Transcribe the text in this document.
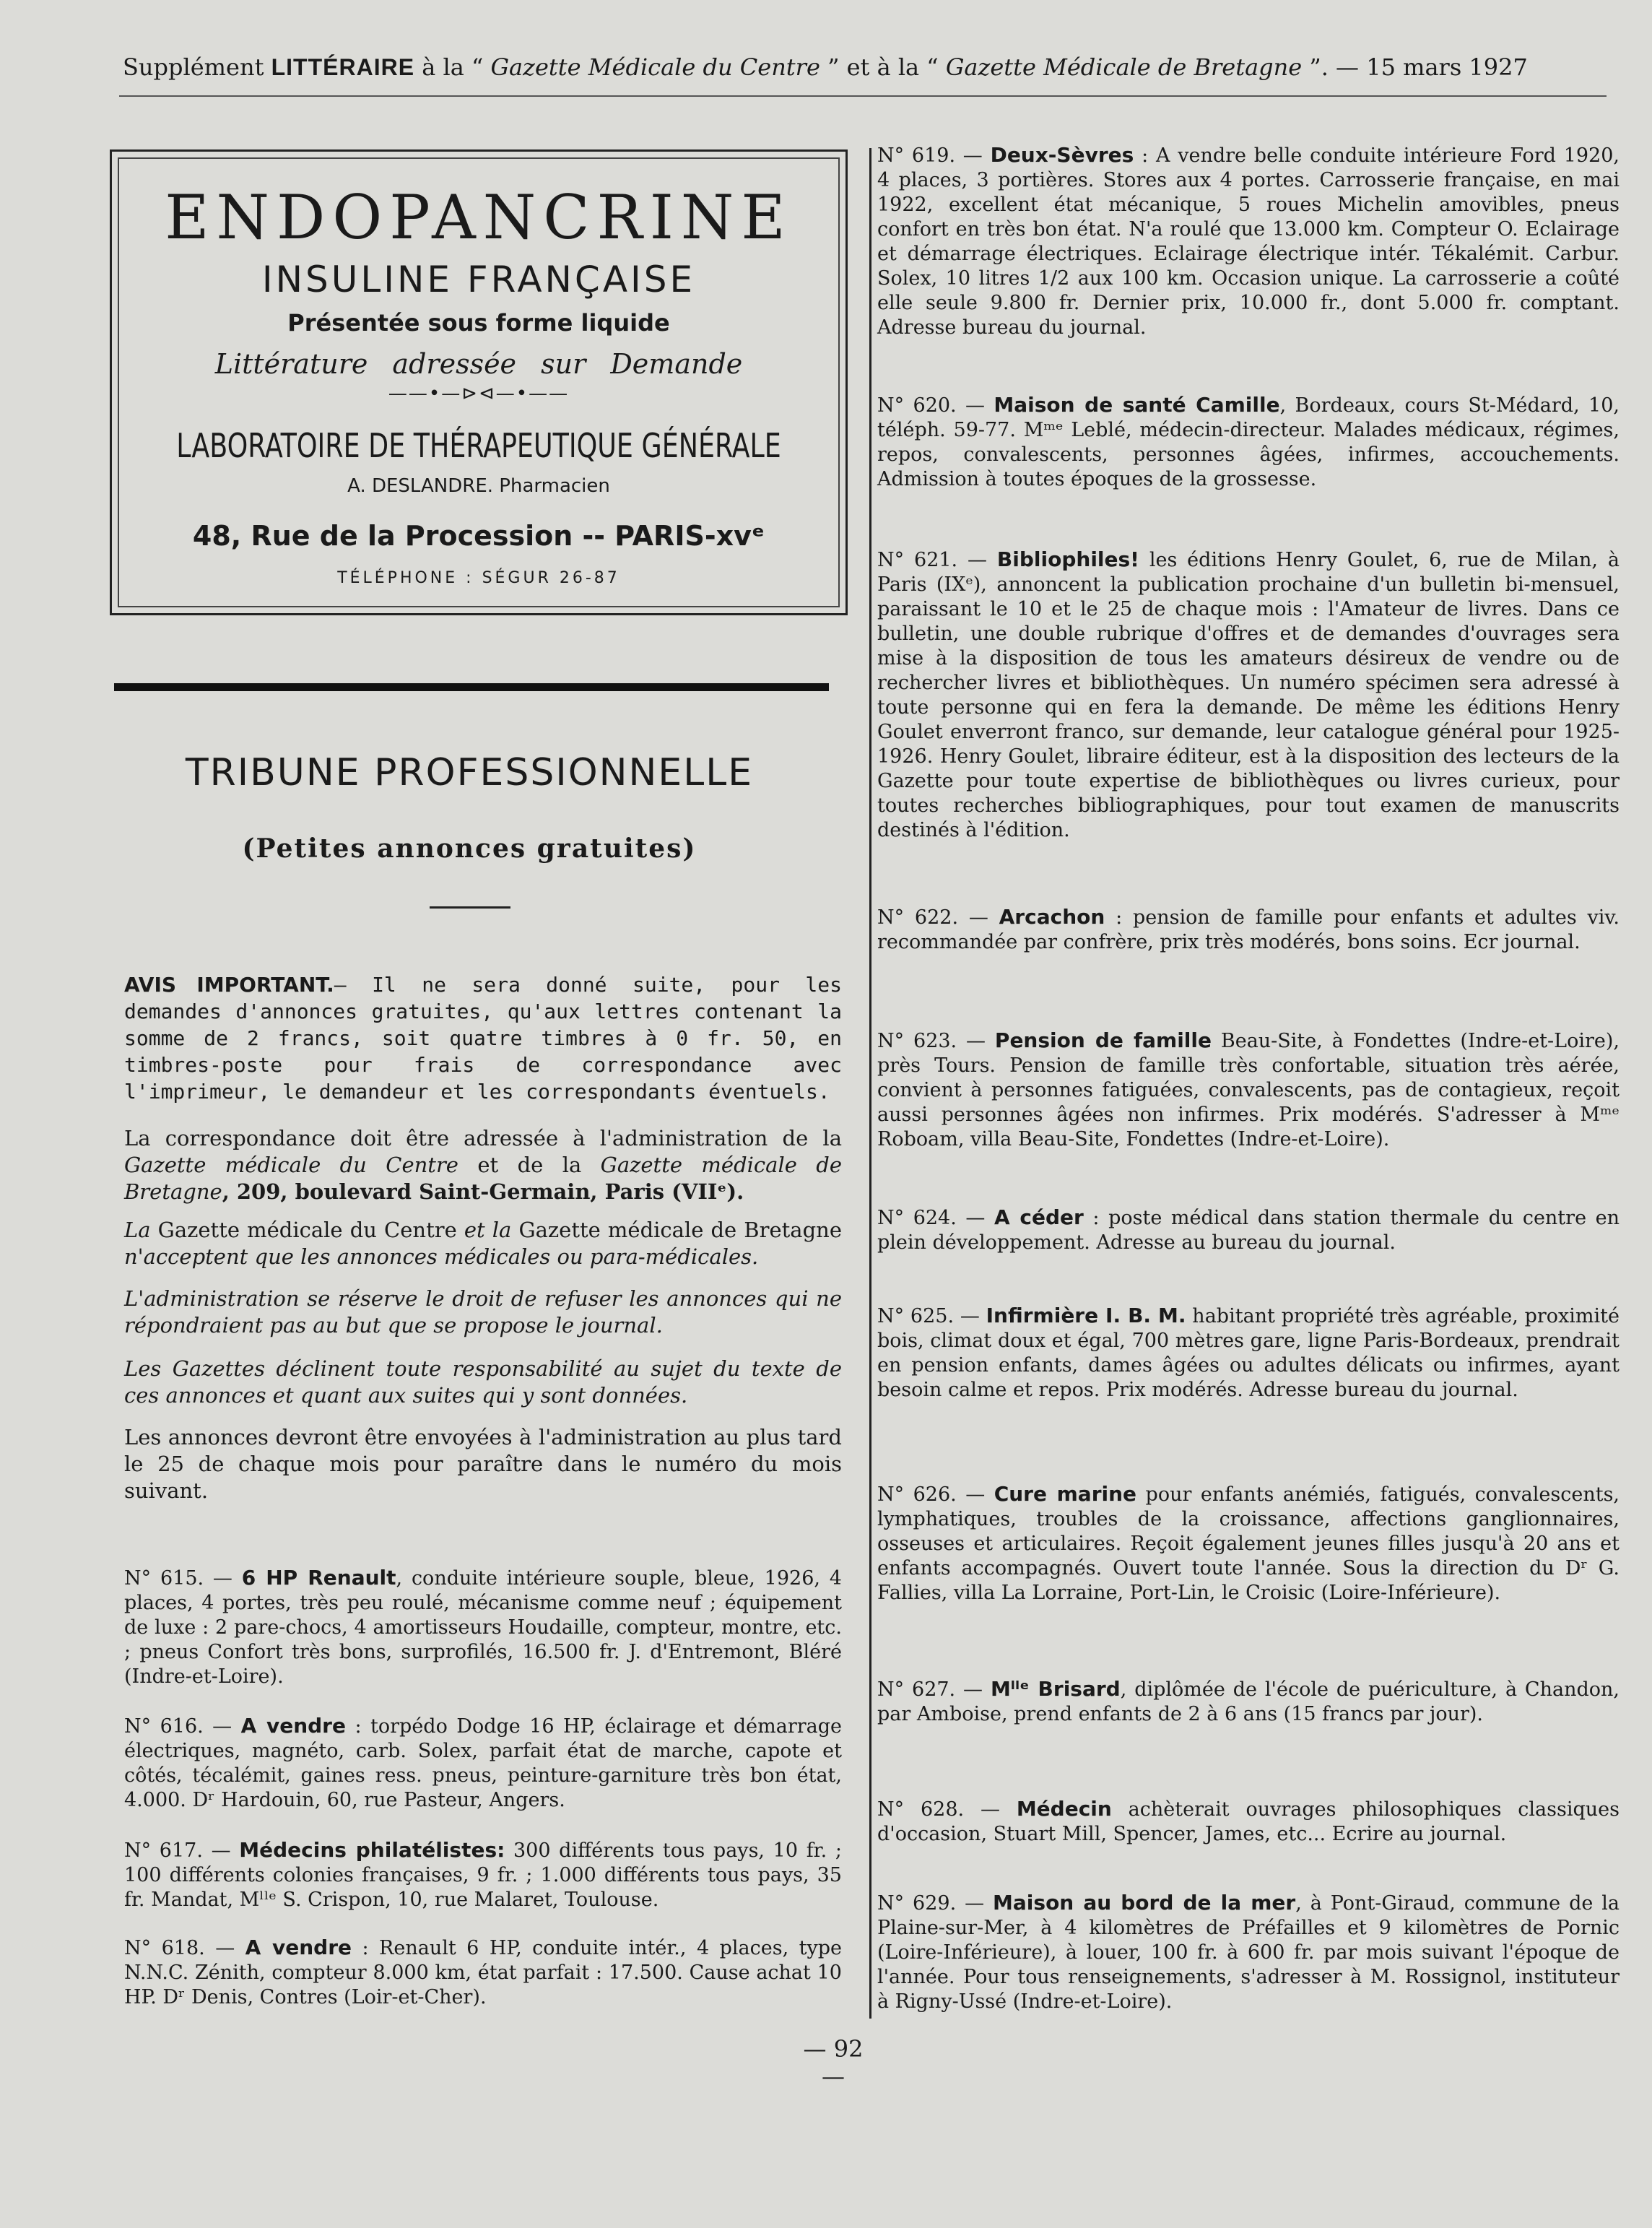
Supplément LITTÉRAIRE à la “ Gazette Médicale du Centre ” et à la “ Gazette Médicale de Bretagne ”. — 15 mars 1927
ENDOPANCRINE
INSULINE FRANÇAISE
Présentée sous forme liquide
Littérature adressée sur Demande
——•—⊳⊲—•——
LABORATOIRE DE THÉRAPEUTIQUE GÉNÉRALE
A. DESLANDRE. Pharmacien
48, Rue de la Procession -- PARIS-xvᵉ
TÉLÉPHONE : SÉGUR 26-87
TRIBUNE PROFESSIONNELLE
(Petites annonces gratuites)
AVIS IMPORTANT.— Il ne sera donné suite, pour les demandes d'annonces gratuites, qu'aux lettres contenant la somme de 2 francs, soit quatre timbres à 0 fr. 50, en timbres-poste pour frais de correspondance avec l'imprimeur, le demandeur et les correspondants éventuels.
La correspondance doit être adressée à l'administration de la Gazette médicale du Centre et de la Gazette médicale de Bretagne, 209, boulevard Saint-Germain, Paris (VIIᵉ).
La Gazette médicale du Centre et la Gazette médicale de Bretagne n'acceptent que les annonces médicales ou para-médicales.
L'administration se réserve le droit de refuser les annonces qui ne répondraient pas au but que se propose le journal.
Les Gazettes déclinent toute responsabilité au sujet du texte de ces annonces et quant aux suites qui y sont données.
Les annonces devront être envoyées à l'administration au plus tard le 25 de chaque mois pour paraître dans le numéro du mois suivant.
N° 615. — 6 HP Renault, conduite intérieure souple, bleue, 1926, 4 places, 4 portes, très peu roulé, mécanisme comme neuf ; équipement de luxe : 2 pare-chocs, 4 amortisseurs Houdaille, compteur, montre, etc. ; pneus Confort très bons, surprofilés, 16.500 fr. J. d'Entremont, Bléré (Indre-et-Loire).
N° 616. — A vendre : torpédo Dodge 16 HP, éclairage et démarrage électriques, magnéto, carb. Solex, parfait état de marche, capote et côtés, técalémit, gaines ress. pneus, peinture-garniture très bon état, 4.000. Dʳ Hardouin, 60, rue Pasteur, Angers.
N° 617. — Médecins philatélistes: 300 différents tous pays, 10 fr. ; 100 différents colonies françaises, 9 fr. ; 1.000 différents tous pays, 35 fr. Mandat, Mˡˡᵉ S. Crispon, 10, rue Malaret, Toulouse.
N° 618. — A vendre : Renault 6 HP, conduite intér., 4 places, type N.N.C. Zénith, compteur 8.000 km, état parfait : 17.500. Cause achat 10 HP. Dʳ Denis, Contres (Loir-et-Cher).
N° 619. — Deux-Sèvres : A vendre belle conduite intérieure Ford 1920, 4 places, 3 portières. Stores aux 4 portes. Carrosserie française, en mai 1922, excellent état mécanique, 5 roues Michelin amovibles, pneus confort en très bon état. N'a roulé que 13.000 km. Compteur O. Eclairage et démarrage électriques. Eclairage électrique intér. Tékalémit. Carbur. Solex, 10 litres 1/2 aux 100 km. Occasion unique. La carrosserie a coûté elle seule 9.800 fr. Dernier prix, 10.000 fr., dont 5.000 fr. comptant. Adresse bureau du journal.
N° 620. — Maison de santé Camille, Bordeaux, cours St-Médard, 10, téléph. 59-77. Mᵐᵉ Leblé, médecin-directeur. Malades médicaux, régimes, repos, convalescents, personnes âgées, infirmes, accouchements. Admission à toutes époques de la grossesse.
N° 621. — Bibliophiles! les éditions Henry Goulet, 6, rue de Milan, à Paris (IXᵉ), annoncent la publication prochaine d'un bulletin bi-mensuel, paraissant le 10 et le 25 de chaque mois : l'Amateur de livres. Dans ce bulletin, une double rubrique d'offres et de demandes d'ouvrages sera mise à la disposition de tous les amateurs désireux de vendre ou de rechercher livres et bibliothèques. Un numéro spécimen sera adressé à toute personne qui en fera la demande. De même les éditions Henry Goulet enverront franco, sur demande, leur catalogue général pour 1925-1926. Henry Goulet, libraire éditeur, est à la disposition des lecteurs de la Gazette pour toute expertise de bibliothèques ou livres curieux, pour toutes recherches bibliographiques, pour tout examen de manuscrits destinés à l'édition.
N° 622. — Arcachon : pension de famille pour enfants et adultes viv. recommandée par confrère, prix très modérés, bons soins. Ecr journal.
N° 623. — Pension de famille Beau-Site, à Fondettes (Indre-et-Loire), près Tours. Pension de famille très confortable, situation très aérée, convient à personnes fatiguées, convalescents, pas de contagieux, reçoit aussi personnes âgées non infirmes. Prix modérés. S'adresser à Mᵐᵉ Roboam, villa Beau-Site, Fondettes (Indre-et-Loire).
N° 624. — A céder : poste médical dans station thermale du centre en plein développement. Adresse au bureau du journal.
N° 625. — Infirmière I. B. M. habitant propriété très agréable, proximité bois, climat doux et égal, 700 mètres gare, ligne Paris-Bordeaux, prendrait en pension enfants, dames âgées ou adultes délicats ou infirmes, ayant besoin calme et repos. Prix modérés. Adresse bureau du journal.
N° 626. — Cure marine pour enfants anémiés, fatigués, convalescents, lymphatiques, troubles de la croissance, affections ganglionnaires, osseuses et articulaires. Reçoit également jeunes filles jusqu'à 20 ans et enfants accompagnés. Ouvert toute l'année. Sous la direction du Dʳ G. Fallies, villa La Lorraine, Port-Lin, le Croisic (Loire-Inférieure).
N° 627. — Mˡˡᵉ Brisard, diplômée de l'école de puériculture, à Chandon, par Amboise, prend enfants de 2 à 6 ans (15 francs par jour).
N° 628. — Médecin achèterait ouvrages philosophiques classiques d'occasion, Stuart Mill, Spencer, James, etc... Ecrire au journal.
N° 629. — Maison au bord de la mer, à Pont-Giraud, commune de la Plaine-sur-Mer, à 4 kilomètres de Préfailles et 9 kilomètres de Pornic (Loire-Inférieure), à louer, 100 fr. à 600 fr. par mois suivant l'époque de l'année. Pour tous renseignements, s'adresser à M. Rossignol, instituteur à Rigny-Ussé (Indre-et-Loire).
— 92 —
